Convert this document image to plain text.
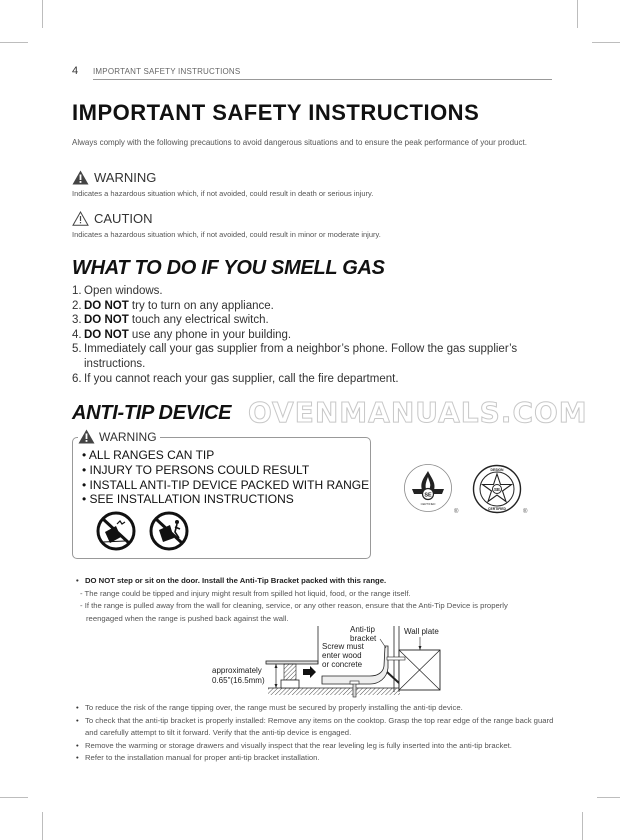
4 IMPORTANT SAFETY INSTRUCTIONS
IMPORTANT SAFETY INSTRUCTIONS

Always comply with the following precautions to avoid dangerous situations and to ensure the peak performance of your product.

WARNING
Indicates a hazardous situation which, if not avoided, could result in death or serious injury.
CAUTION
Indicates a hazardous situation which, if not avoided, could result in minor or moderate injury.
WHAT TO DO IF YOU SMELL GAS
1. Open windows.
2. DO NOT try to turn on any appliance.
3. DO NOT touch any electrical switch.
4. DO NOT use any phone in your building.
5. Immediately call your gas supplier from a neighbor’s phone. Follow the gas supplier’s instructions.
6. If you cannot reach your gas supplier, call the fire department.
ANTI-TIP DEVICE OVENMANUALS.COM
WARNING
• ALL RANGES CAN TIP
• INJURY TO PERSONS COULD RESULT
• INSTALL ANTI-TIP DEVICE PACKED WITH RANGE
• SEE INSTALLATION INSTRUCTIONS	SE
CERTIFIED
®
SE
DESIGN
CERTIFIED	®
• DO NOT step or sit on the door. Install the Anti-Tip Bracket packed with this range.
- The range could be tipped and injury might result from spilled hot liquid, food, or the range itself.
- If the range is pulled away from the wall for cleaning, service, or any other reason, ensure that the Anti-Tip Device is properly
reengaged when the range is pushed back against the wall.
approximately
0.65"(16.5mm)
Anti-tip
bracket
Wall plate
Screw must
enter wood
or concrete
• To reduce the risk of the range tipping over, the range must be secured by properly installing the anti-tip device.
• To check that the anti-tip bracket is properly installed: Remove any items on the cooktop. Grasp the top rear edge of the range back guard and carefully attempt to tilt it forward. Verify that the anti-tip device is engaged.
• Remove the warming or storage drawers and visually inspect that the rear leveling leg is fully inserted into the anti-tip bracket.
• Refer to the installation manual for proper anti-tip bracket installation.
